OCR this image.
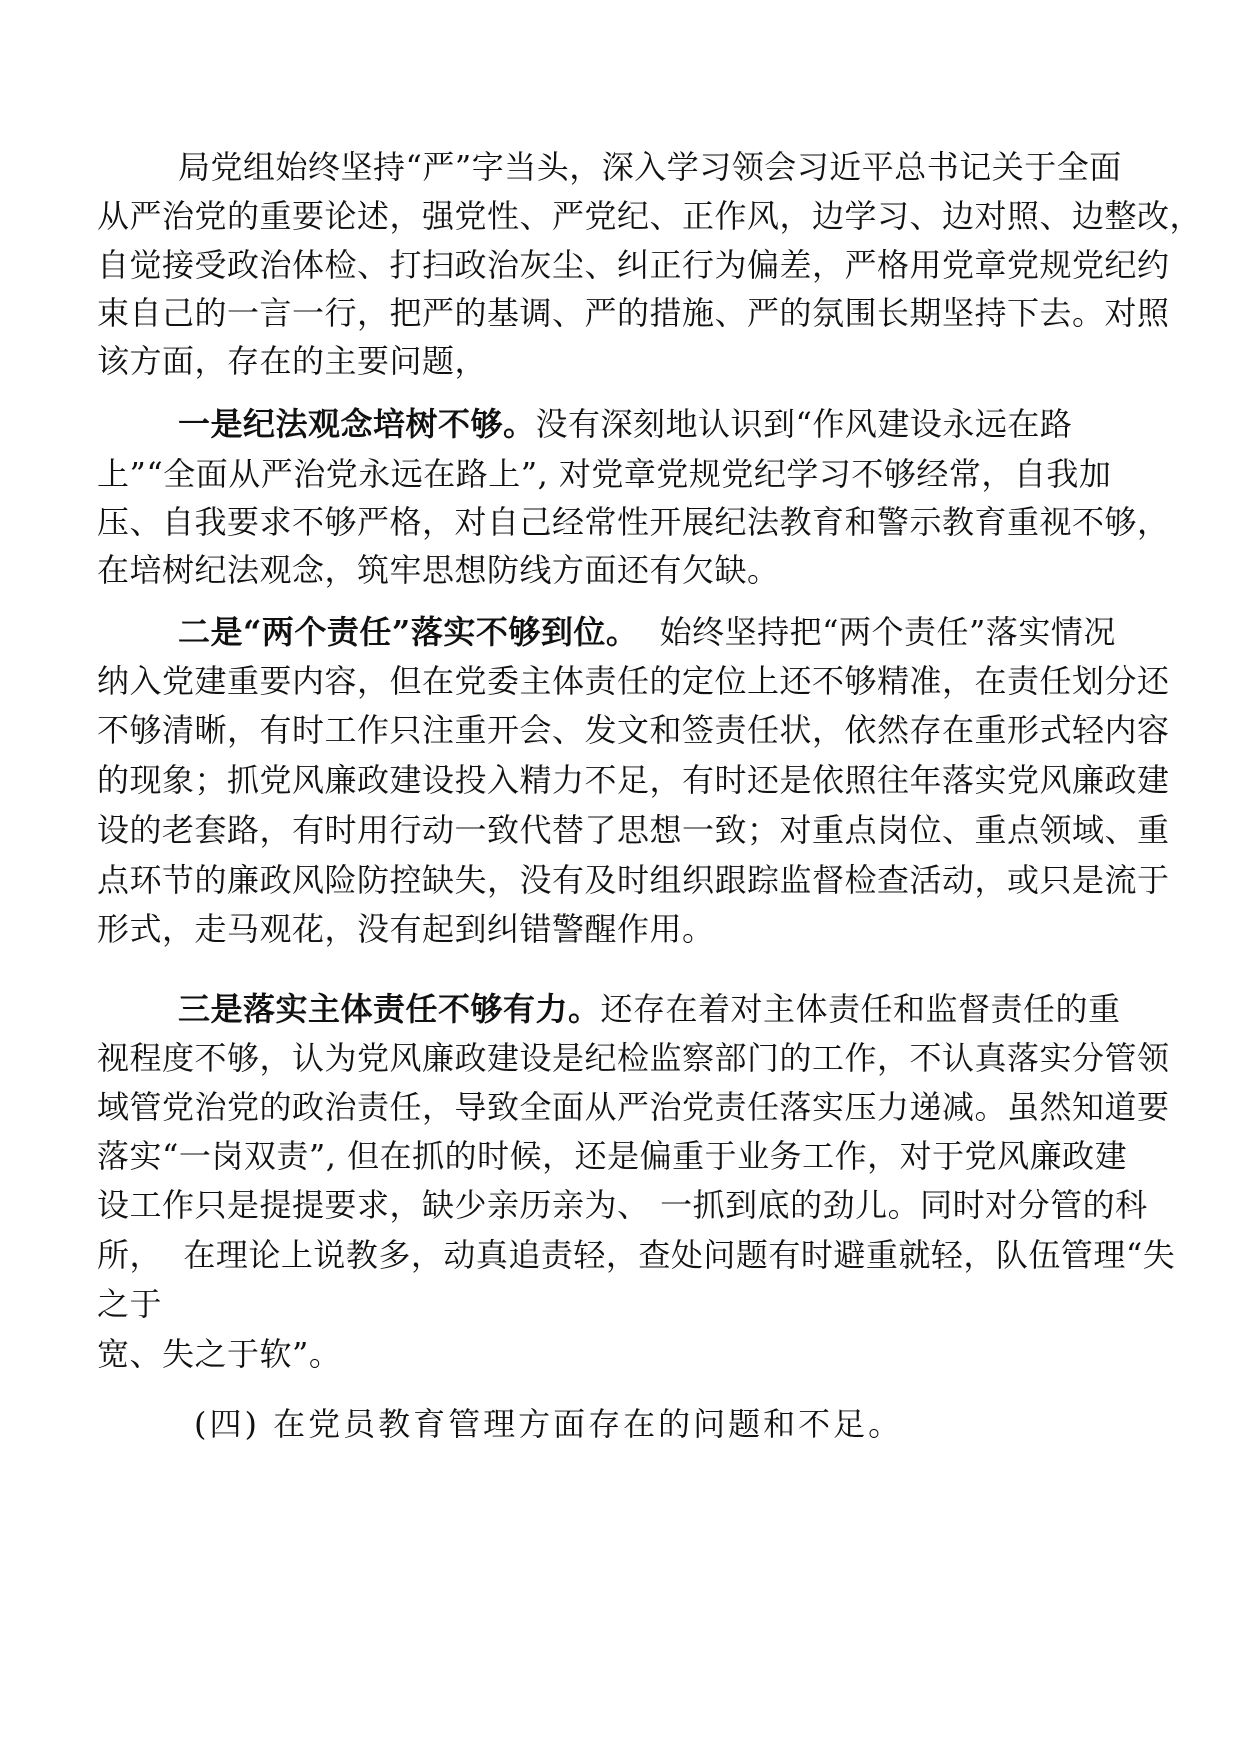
局党组始终坚持“严”字当头，深入学习领会习近平总书记关于全面
从严治党的重要论述，强党性、严党纪、正作风，边学习、边对照、边整改，
自觉接受政治体检、打扫政治灰尘、纠正行为偏差，严格用党章党规党纪约
束自己的一言一行，把严的基调、严的措施、严的氛围长期坚持下去。对照
该方面，存在的主要问题，
一是纪法观念培树不够。没有深刻地认识到“作风建设永远在路
上”“全面从严治党永远在路上”, 对党章党规党纪学习不够经常，自我加
压、自我要求不够严格，对自己经常性开展纪法教育和警示教育重视不够，
在培树纪法观念，筑牢思想防线方面还有欠缺。
二是“两个责任”落实不够到位。  始终坚持把“两个责任”落实情况
纳入党建重要内容，但在党委主体责任的定位上还不够精准，在责任划分还
不够清晰，有时工作只注重开会、发文和签责任状，依然存在重形式轻内容
的现象；抓党风廉政建设投入精力不足，有时还是依照往年落实党风廉政建
设的老套路，有时用行动一致代替了思想一致；对重点岗位、重点领域、重
点环节的廉政风险防控缺失，没有及时组织跟踪监督检查活动，或只是流于
形式，走马观花，没有起到纠错警醒作用。
三是落实主体责任不够有力。还存在着对主体责任和监督责任的重
视程度不够，认为党风廉政建设是纪检监察部门的工作，不认真落实分管领
域管党治党的政治责任，导致全面从严治党责任落实压力递减。虽然知道要
落实“一岗双责”, 但在抓的时候，还是偏重于业务工作，对于党风廉政建
设工作只是提提要求，缺少亲历亲为、 一抓到底的劲儿。同时对分管的科
所，  在理论上说教多，动真追责轻，查处问题有时避重就轻，队伍管理“失
之于
宽、失之于软”。
(四) 在党员教育管理方面存在的问题和不足。
